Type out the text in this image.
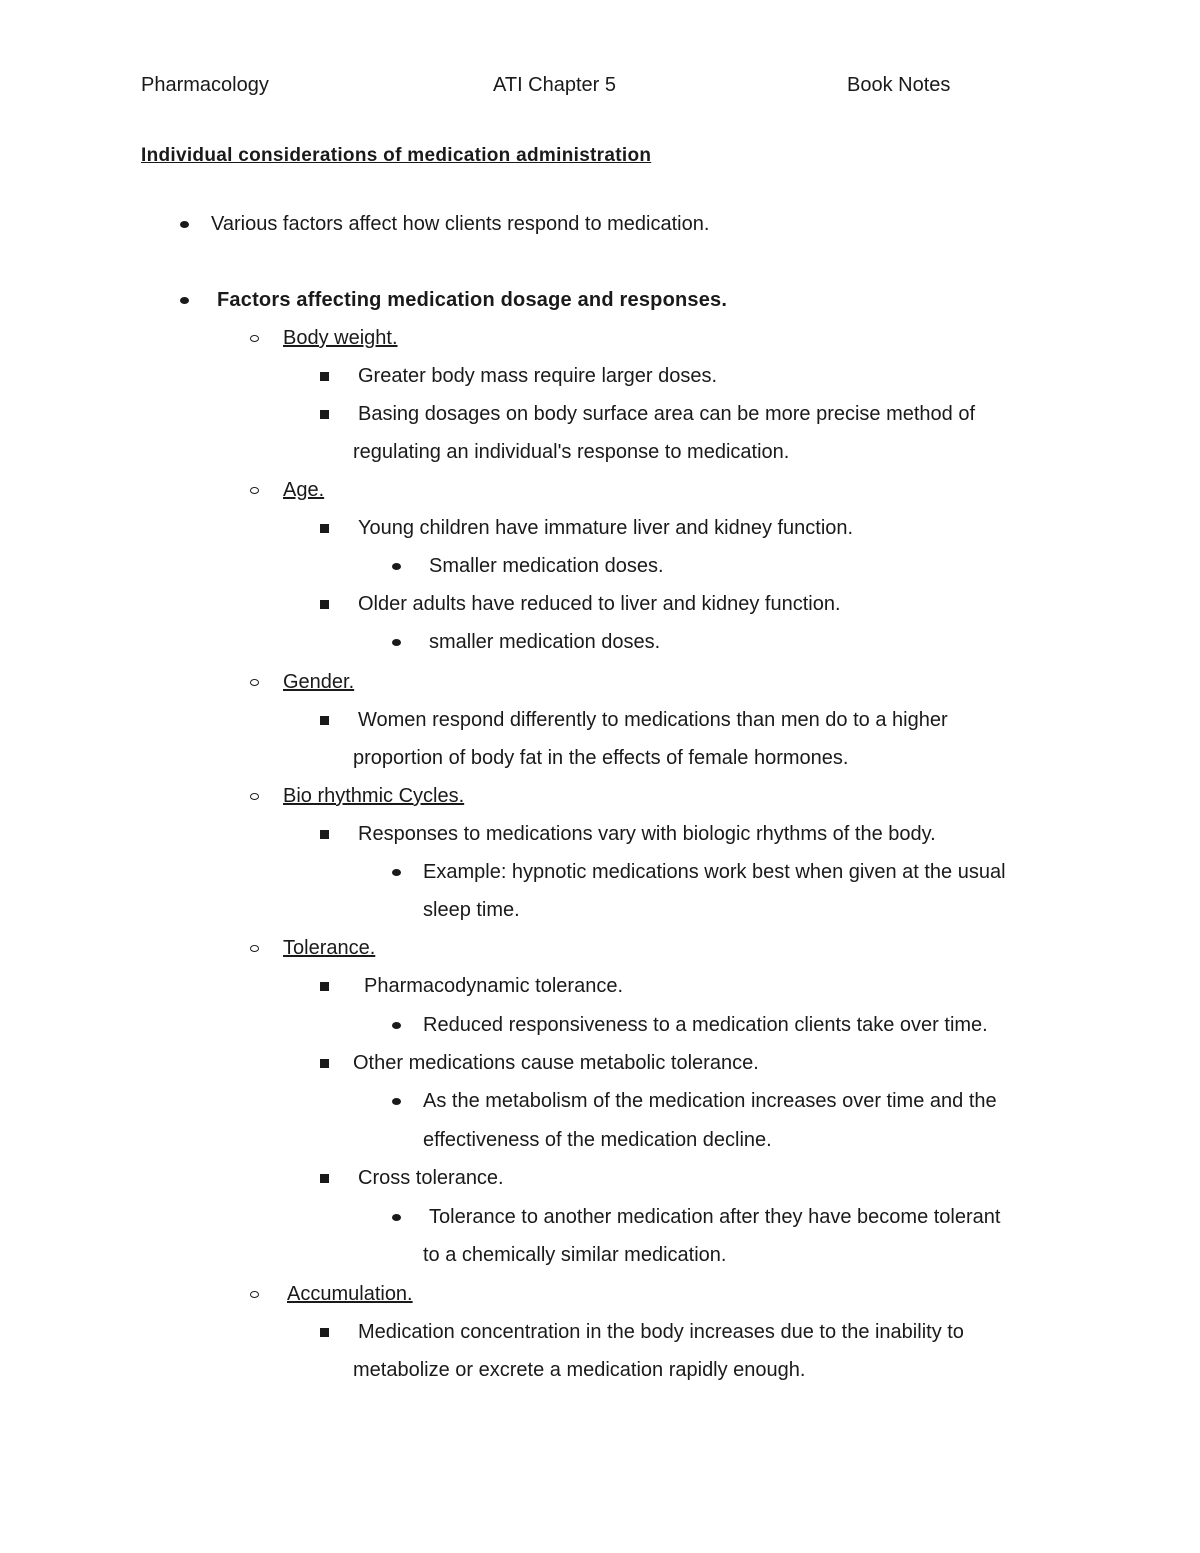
Pharmacology	ATI Chapter 5	Book Notes
Individual considerations of medication administration
Various factors affect how clients respond to medication.
Factors affecting medication dosage and responses.
Body weight.
Greater body mass require larger doses.
Basing dosages on body surface area can be more precise method of
regulating an individual's response to medication.
Age.
Young children have immature liver and kidney function.
Smaller medication doses.
Older adults have reduced to liver and kidney function.
smaller medication doses.
Gender.
Women respond differently to medications than men do to a higher
proportion of body fat in the effects of female hormones.
Bio rhythmic Cycles.
Responses to medications vary with biologic rhythms of the body.
Example: hypnotic medications work best when given at the usual
sleep time.
Tolerance.
Pharmacodynamic tolerance.
Reduced responsiveness to a medication clients take over time.
Other medications cause metabolic tolerance.
As the metabolism of the medication increases over time and the
effectiveness of the medication decline.
Cross tolerance.
Tolerance to another medication after they have become tolerant
to a chemically similar medication.
Accumulation.
Medication concentration in the body increases due to the inability to
metabolize or excrete a medication rapidly enough.
